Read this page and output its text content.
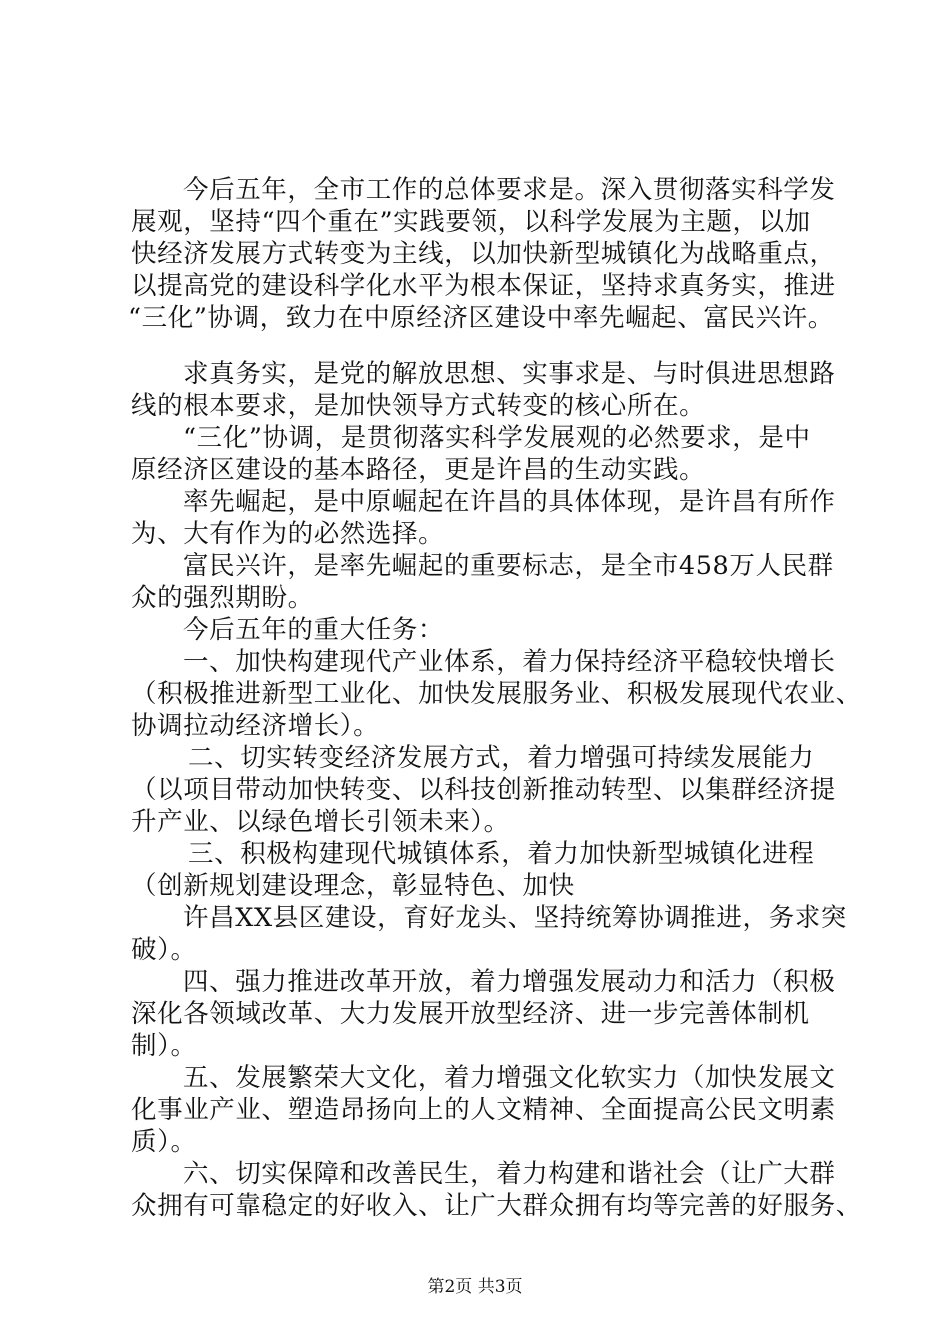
今后五年，全市工作的总体要求是。深入贯彻落实科学发
展观，坚持“四个重在”实践要领，以科学发展为主题，以加
快经济发展方式转变为主线，以加快新型城镇化为战略重点，
以提高党的建设科学化水平为根本保证，坚持求真务实，推进
“三化”协调，致力在中原经济区建设中率先崛起、富民兴许。
求真务实，是党的解放思想、实事求是、与时俱进思想路
线的根本要求，是加快领导方式转变的核心所在。
“三化”协调，是贯彻落实科学发展观的必然要求，是中
原经济区建设的基本路径，更是许昌的生动实践。
率先崛起，是中原崛起在许昌的具体体现，是许昌有所作
为、大有作为的必然选择。
富民兴许，是率先崛起的重要标志，是全市458万人民群
众的强烈期盼。
今后五年的重大任务：
一、加快构建现代产业体系，着力保持经济平稳较快增长
（积极推进新型工业化、加快发展服务业、积极发展现代农业、
协调拉动经济增长）。
二、切实转变经济发展方式，着力增强可持续发展能力
（以项目带动加快转变、以科技创新推动转型、以集群经济提
升产业、以绿色增长引领未来）。
三、积极构建现代城镇体系，着力加快新型城镇化进程
（创新规划建设理念，彰显特色、加快
许昌XX县区建设，育好龙头、坚持统筹协调推进，务求突
破）。
四、强力推进改革开放，着力增强发展动力和活力（积极
深化各领域改革、大力发展开放型经济、进一步完善体制机
制）。
五、发展繁荣大文化，着力增强文化软实力（加快发展文
化事业产业、塑造昂扬向上的人文精神、全面提高公民文明素
质）。
六、切实保障和改善民生，着力构建和谐社会（让广大群
众拥有可靠稳定的好收入、让广大群众拥有均等完善的好服务、
第2页 共3页
